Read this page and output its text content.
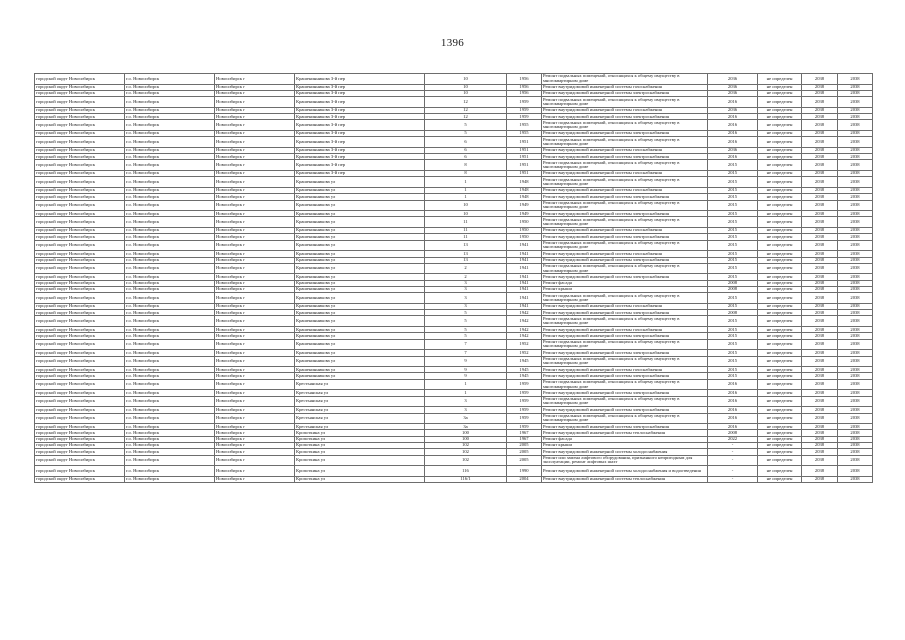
1396
городской округ Новосибирск	г.о. Новосибирск	Новосибирск г	Крашенинникова 3-й пер	10	1956	Ремонт подвальных помещений, относящихся к общему имуществу в многоквартирном доме	2036	не определен	2038	2038
городской округ Новосибирск	г.о. Новосибирск	Новосибирск г	Крашенинникова 3-й пер	10	1956	Ремонт внутридомовой инженерной системы газоснабжения	2036	не определен	2038	2038
городской округ Новосибирск	г.о. Новосибирск	Новосибирск г	Крашенинникова 3-й пер	10	1956	Ремонт внутридомовой инженерной системы электроснабжения	2036	не определен	2038	2038
городской округ Новосибирск	г.о. Новосибирск	Новосибирск г	Крашенинникова 3-й пер	12	1959	Ремонт подвальных помещений, относящихся к общему имуществу в многоквартирном доме	2016	не определен	2038	2038
городской округ Новосибирск	г.о. Новосибирск	Новосибирск г	Крашенинникова 3-й пер	12	1959	Ремонт внутридомовой инженерной системы газоснабжения	2036	не определен	2038	2038
городской округ Новосибирск	г.о. Новосибирск	Новосибирск г	Крашенинникова 3-й пер	12	1959	Ремонт внутридомовой инженерной системы электроснабжения	2016	не определен	2038	2038
городской округ Новосибирск	г.о. Новосибирск	Новосибирск г	Крашенинникова 3-й пер	5	1955	Ремонт подвальных помещений, относящихся к общему имуществу в многоквартирном доме	2016	не определен	2038	2038
городской округ Новосибирск	г.о. Новосибирск	Новосибирск г	Крашенинникова 3-й пер	5	1955	Ремонт внутридомовой инженерной системы электроснабжения	2016	не определен	2038	2038
городской округ Новосибирск	г.о. Новосибирск	Новосибирск г	Крашенинникова 3-й пер	6	1951	Ремонт подвальных помещений, относящихся к общему имуществу в многоквартирном доме	2016	не определен	2038	2038
городской округ Новосибирск	г.о. Новосибирск	Новосибирск г	Крашенинникова 3-й пер	6	1951	Ремонт внутридомовой инженерной системы газоснабжения	2036	не определен	2038	2038
городской округ Новосибирск	г.о. Новосибирск	Новосибирск г	Крашенинникова 3-й пер	6	1951	Ремонт внутридомовой инженерной системы электроснабжения	2016	не определен	2038	2038
городской округ Новосибирск	г.о. Новосибирск	Новосибирск г	Крашенинникова 3-й пер	8	1951	Ремонт подвальных помещений, относящихся к общему имуществу в многоквартирном доме	2015	не определен	2038	2038
городской округ Новосибирск	г.о. Новосибирск	Новосибирск г	Крашенинникова 3-й пер	8	1951	Ремонт внутридомовой инженерной системы газоснабжения	2015	не определен	2038	2038
городской округ Новосибирск	г.о. Новосибирск	Новосибирск г	Крашенинникова ул	1	1948	Ремонт подвальных помещений, относящихся к общему имуществу в многоквартирном доме	2015	не определен	2038	2038
городской округ Новосибирск	г.о. Новосибирск	Новосибирск г	Крашенинникова ул	1	1948	Ремонт внутридомовой инженерной системы газоснабжения	2015	не определен	2038	2038
городской округ Новосибирск	г.о. Новосибирск	Новосибирск г	Крашенинникова ул	1	1948	Ремонт внутридомовой инженерной системы электроснабжения	2015	не определен	2038	2038
городской округ Новосибирск	г.о. Новосибирск	Новосибирск г	Крашенинникова ул	10	1949	Ремонт подвальных помещений, относящихся к общему имуществу в многоквартирном доме	2015	не определен	2038	2038
городской округ Новосибирск	г.о. Новосибирск	Новосибирск г	Крашенинникова ул	10	1949	Ремонт внутридомовой инженерной системы электроснабжения	2015	не определен	2038	2038
городской округ Новосибирск	г.о. Новосибирск	Новосибирск г	Крашенинникова ул	11	1950	Ремонт подвальных помещений, относящихся к общему имуществу в многоквартирном доме	2015	не определен	2038	2038
городской округ Новосибирск	г.о. Новосибирск	Новосибирск г	Крашенинникова ул	11	1950	Ремонт внутридомовой инженерной системы газоснабжения	2015	не определен	2038	2038
городской округ Новосибирск	г.о. Новосибирск	Новосибирск г	Крашенинникова ул	11	1950	Ремонт внутридомовой инженерной системы электроснабжения	2015	не определен	2038	2038
городской округ Новосибирск	г.о. Новосибирск	Новосибирск г	Крашенинникова ул	13	1941	Ремонт подвальных помещений, относящихся к общему имуществу в многоквартирном доме	2015	не определен	2038	2038
городской округ Новосибирск	г.о. Новосибирск	Новосибирск г	Крашенинникова ул	13	1941	Ремонт внутридомовой инженерной системы газоснабжения	2015	не определен	2038	2038
городской округ Новосибирск	г.о. Новосибирск	Новосибирск г	Крашенинникова ул	13	1941	Ремонт внутридомовой инженерной системы электроснабжения	2015	не определен	2038	2038
городской округ Новосибирск	г.о. Новосибирск	Новосибирск г	Крашенинникова ул	2	1941	Ремонт подвальных помещений, относящихся к общему имуществу в многоквартирном доме	2015	не определен	2038	2038
городской округ Новосибирск	г.о. Новосибирск	Новосибирск г	Крашенинникова ул	2	1941	Ремонт внутридомовой инженерной системы электроснабжения	2015	не определен	2038	2038
городской округ Новосибирск	г.о. Новосибирск	Новосибирск г	Крашенинникова ул	3	1941	Ремонт фасада	2008	не определен	2038	2038
городской округ Новосибирск	г.о. Новосибирск	Новосибирск г	Крашенинникова ул	3	1941	Ремонт крыши	2008	не определен	2038	2038
городской округ Новосибирск	г.о. Новосибирск	Новосибирск г	Крашенинникова ул	3	1941	Ремонт подвальных помещений, относящихся к общему имуществу в многоквартирном доме	2015	не определен	2038	2038
городской округ Новосибирск	г.о. Новосибирск	Новосибирск г	Крашенинникова ул	3	1941	Ремонт внутридомовой инженерной системы газоснабжения	2015	не определен	2038	2038
городской округ Новосибирск	г.о. Новосибирск	Новосибирск г	Крашенинникова ул	5	1942	Ремонт внутридомовой инженерной системы электроснабжения	2008	не определен	2038	2038
городской округ Новосибирск	г.о. Новосибирск	Новосибирск г	Крашенинникова ул	5	1942	Ремонт подвальных помещений, относящихся к общему имуществу в многоквартирном доме	2015	не определен	2038	2038
городской округ Новосибирск	г.о. Новосибирск	Новосибирск г	Крашенинникова ул	5	1942	Ремонт внутридомовой инженерной системы газоснабжения	2015	не определен	2038	2038
городской округ Новосибирск	г.о. Новосибирск	Новосибирск г	Крашенинникова ул	5	1942	Ремонт внутридомовой инженерной системы электроснабжения	2015	не определен	2038	2038
городской округ Новосибирск	г.о. Новосибирск	Новосибирск г	Крашенинникова ул	7	1952	Ремонт подвальных помещений, относящихся к общему имуществу в многоквартирном доме	2015	не определен	2038	2038
городской округ Новосибирск	г.о. Новосибирск	Новосибирск г	Крашенинникова ул	7	1952	Ремонт внутридомовой инженерной системы электроснабжения	2015	не определен	2038	2038
городской округ Новосибирск	г.о. Новосибирск	Новосибирск г	Крашенинникова ул	9	1945	Ремонт подвальных помещений, относящихся к общему имуществу в многоквартирном доме	2015	не определен	2038	2038
городской округ Новосибирск	г.о. Новосибирск	Новосибирск г	Крашенинникова ул	9	1945	Ремонт внутридомовой инженерной системы газоснабжения	2015	не определен	2038	2038
городской округ Новосибирск	г.о. Новосибирск	Новосибирск г	Крашенинникова ул	9	1945	Ремонт внутридомовой инженерной системы электроснабжения	2015	не определен	2038	2038
городской округ Новосибирск	г.о. Новосибирск	Новосибирск г	Крестьянская ул	1	1959	Ремонт подвальных помещений, относящихся к общему имуществу в многоквартирном доме	2016	не определен	2038	2038
городской округ Новосибирск	г.о. Новосибирск	Новосибирск г	Крестьянская ул	1	1959	Ремонт внутридомовой инженерной системы электроснабжения	2016	не определен	2038	2038
городской округ Новосибирск	г.о. Новосибирск	Новосибирск г	Крестьянская ул	3	1959	Ремонт подвальных помещений, относящихся к общему имуществу в многоквартирном доме	2016	не определен	2038	2038
городской округ Новосибирск	г.о. Новосибирск	Новосибирск г	Крестьянская ул	3	1959	Ремонт внутридомовой инженерной системы электроснабжения	2016	не определен	2038	2038
городской округ Новосибирск	г.о. Новосибирск	Новосибирск г	Крестьянская ул	3а	1959	Ремонт подвальных помещений, относящихся к общему имуществу в многоквартирном доме	2016	не определен	2038	2038
городской округ Новосибирск	г.о. Новосибирск	Новосибирск г	Крестьянская ул	3а	1959	Ремонт внутридомовой инженерной системы электроснабжения	2016	не определен	2038	2038
городской округ Новосибирск	г.о. Новосибирск	Новосибирск г	Кропоткина ул	100	1967	Ремонт внутридомовой инженерной системы теплоснабжения	2008	не определен	2038	2038
городской округ Новосибирск	г.о. Новосибирск	Новосибирск г	Кропоткина ул	100	1967	Ремонт фасада	2022	не определен	2038	2038
городской округ Новосибирск	г.о. Новосибирск	Новосибирск г	Кропоткина ул	102	2005	Ремонт крыши	-	не определен	2038	2038
городской округ Новосибирск	г.о. Новосибирск	Новосибирск г	Кропоткина ул	102	2005	Ремонт внутридомовой инженерной системы холодоснабжения	-	не определен	2038	2038
городской округ Новосибирск	г.о. Новосибирск	Новосибирск г	Кропоткина ул	102	2005	Ремонт или замена лифтового оборудования, признанного непригодным для эксплуатации, ремонт лифтовых шахт	-	не определен	2038	2038
городской округ Новосибирск	г.о. Новосибирск	Новосибирск г	Кропоткина ул	116	1990	Ремонт внутридомовой инженерной системы холодоснабжения и водоотведения	-	не определен	2038	2038
городской округ Новосибирск	г.о. Новосибирск	Новосибирск г	Кропоткина ул	116/1	2004	Ремонт внутридомовой инженерной системы теплоснабжения	-	не определен	2038	2038
